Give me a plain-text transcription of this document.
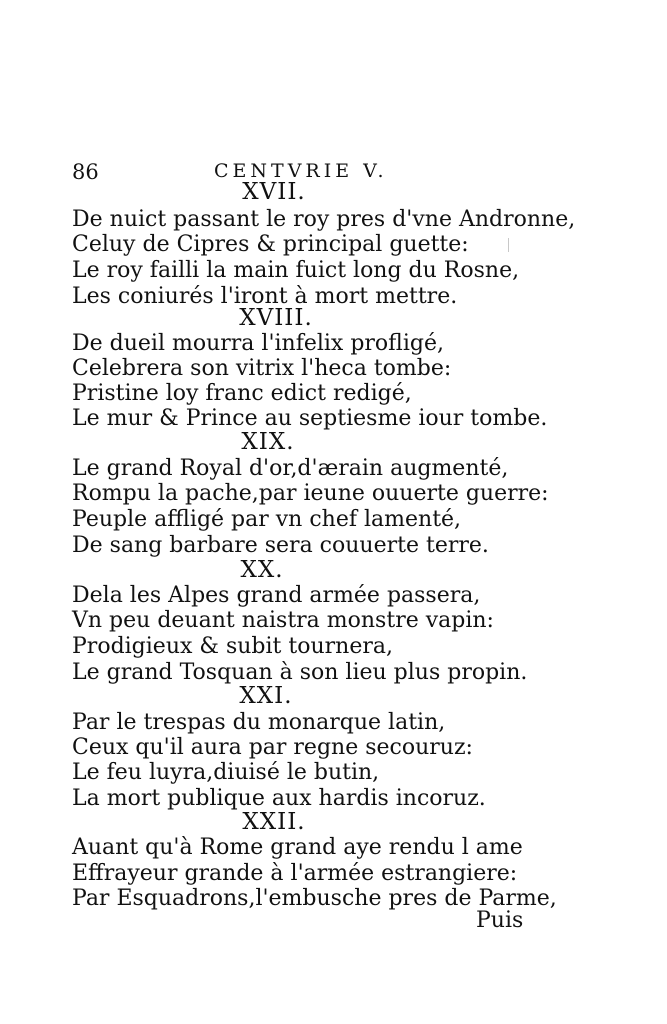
86	CENTVRIE V.
XVII.
De nuict passant le roy pres d'vne Andronne,
Celuy de Cipres & principal guette:
Le roy failli la main fuict long du Rosne,
Les coniurés l'iront à mort mettre.
XVIII.
De dueil mourra l'infelix profligé,
Celebrera son vitrix l'heca tombe:
Pristine loy franc edict redigé,
Le mur & Prince au septiesme iour tombe.
XIX.
Le grand Royal d'or,d'ærain augmenté,
Rompu la pache,par ieune ouuerte guerre:
Peuple affligé par vn chef lamenté,
De sang barbare sera couuerte terre.
XX.
Dela les Alpes grand armée passera,
Vn peu deuant naistra monstre vapin:
Prodigieux & subit tournera,
Le grand Tosquan à son lieu plus propin.
XXI.
Par le trespas du monarque latin,
Ceux qu'il aura par regne secouruz:
Le feu luyra,diuisé le butin,
La mort publique aux hardis incoruz.
XXII.
Auant qu'à Rome grand aye rendu l ame
Effrayeur grande à l'armée estrangiere:
Par Esquadrons,l'embusche pres de Parme,
Puis
